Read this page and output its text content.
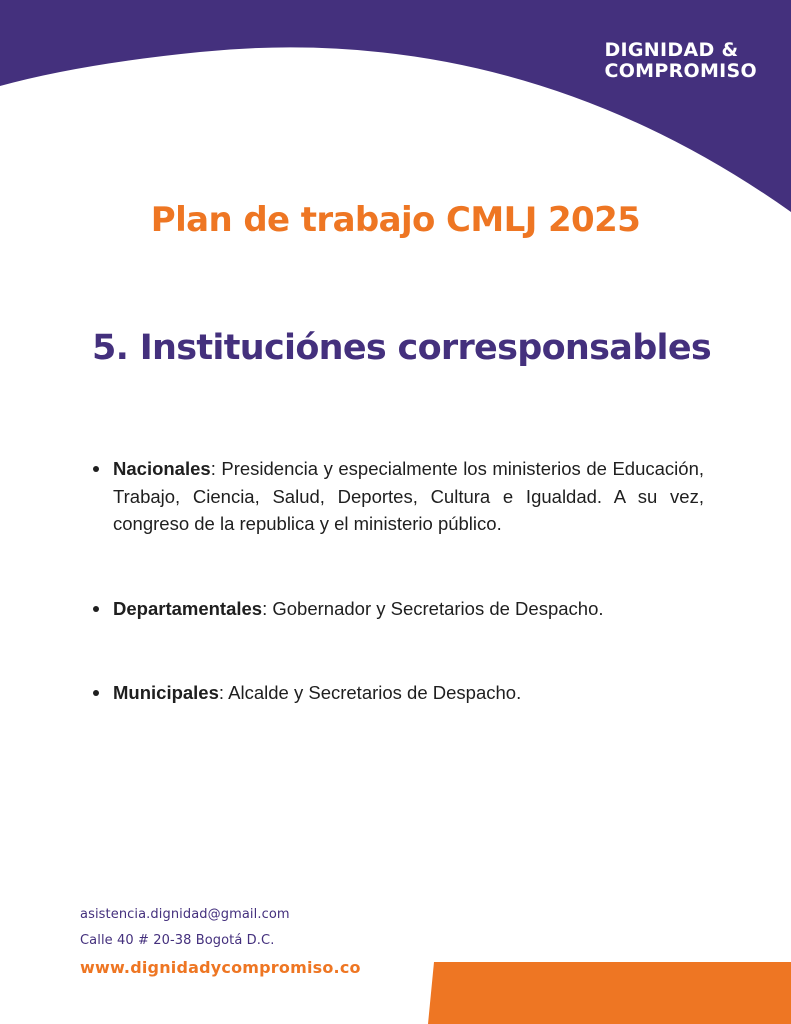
DIGNIDAD &
COMPROMISO
Plan de trabajo CMLJ 2025
5. Instituciónes corresponsables
Nacionales: Presidencia y especialmente los ministerios de Educación, Trabajo, Ciencia, Salud, Deportes, Cultura e Igualdad. A su vez, congreso de la republica y el ministerio público.
Departamentales: Gobernador y Secretarios de Despacho.
Municipales: Alcalde y Secretarios de Despacho.
asistencia.dignidad@gmail.com
Calle 40 # 20-38 Bogotá D.C.
www.dignidadycompromiso.co
